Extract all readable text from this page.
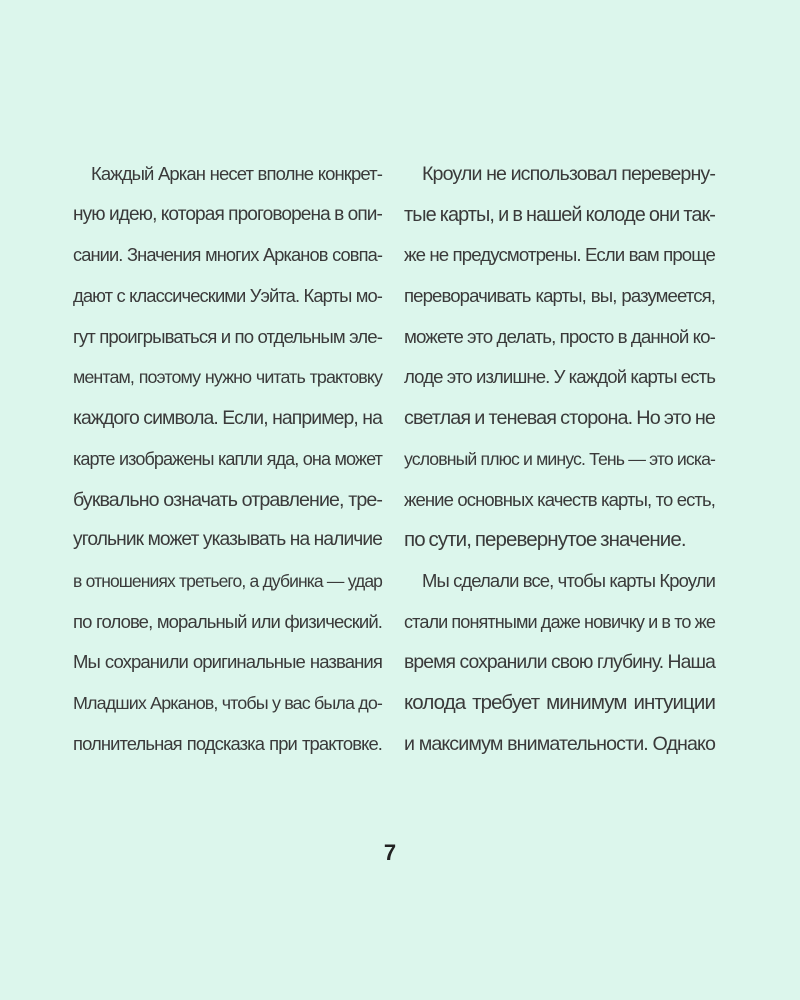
Каждый Аркан несет вполне конкрет-
ную идею, которая проговорена в опи-
сании. Значения многих Арканов совпа-
дают с классическими Уэйта. Карты мо-
гут проигрываться и по отдельным эле-
ментам, поэтому нужно читать трактовку
каждого символа. Если, например, на
карте изображены капли яда, она может
буквально означать отравление, тре-
угольник может указывать на наличие
в отношениях третьего, а дубинка — удар
по голове, моральный или физический.
Мы сохранили оригинальные названия
Младших Арканов, чтобы у вас была до-
полнительная подсказка при трактовке.
Кроули не использовал переверну-
тые карты, и в нашей колоде они так-
же не предусмотрены. Если вам проще
переворачивать карты, вы, разумеется,
можете это делать, просто в данной ко-
лоде это излишне. У каждой карты есть
светлая и теневая сторона. Но это не
условный плюс и минус. Тень — это иска-
жение основных качеств карты, то есть,
по сути, перевернутое значение.
Мы сделали все, чтобы карты Кроули
стали понятными даже новичку и в то же
время сохранили свою глубину. Наша
колода требует минимум интуиции
и максимум внимательности. Однако
7
